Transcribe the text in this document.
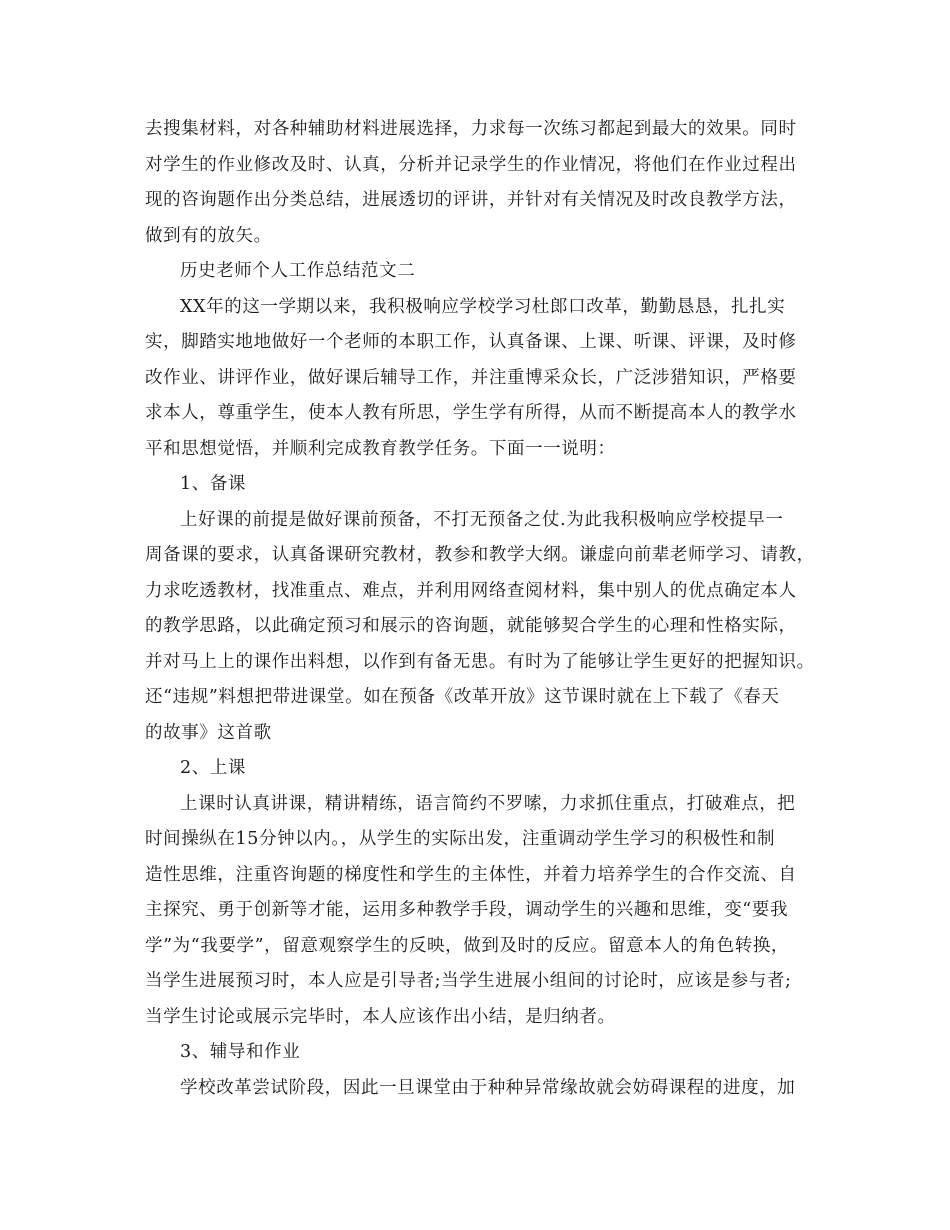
去搜集材料，对各种辅助材料进展选择，力求每一次练习都起到最大的效果。同时
对学生的作业修改及时、认真，分析并记录学生的作业情况，将他们在作业过程出
现的咨询题作出分类总结，进展透切的评讲，并针对有关情况及时改良教学方法，
做到有的放矢。
历史老师个人工作总结范文二
XX年的这一学期以来，我积极响应学校学习杜郎口改革，勤勤恳恳，扎扎实
实，脚踏实地地做好一个老师的本职工作，认真备课、上课、听课、评课，及时修
改作业、讲评作业，做好课后辅导工作，并注重博采众长，广泛涉猎知识，严格要
求本人，尊重学生，使本人教有所思，学生学有所得，从而不断提高本人的教学水
平和思想觉悟，并顺利完成教育教学任务。下面一一说明：
1、备课
上好课的前提是做好课前预备，不打无预备之仗.为此我积极响应学校提早一
周备课的要求，认真备课研究教材，教参和教学大纲。谦虚向前辈老师学习、请教，
力求吃透教材，找准重点、难点，并利用网络查阅材料，集中别人的优点确定本人
的教学思路，以此确定预习和展示的咨询题，就能够契合学生的心理和性格实际，
并对马上上的课作出料想，以作到有备无患。有时为了能够让学生更好的把握知识。
还“违规”料想把带进课堂。如在预备《改革开放》这节课时就在上下载了《春天
的故事》这首歌
2、上课
上课时认真讲课，精讲精练，语言简约不罗嗦，力求抓住重点，打破难点，把
时间操纵在15分钟以内。，从学生的实际出发，注重调动学生学习的积极性和制
造性思维，注重咨询题的梯度性和学生的主体性，并着力培养学生的合作交流、自
主探究、勇于创新等才能，运用多种教学手段，调动学生的兴趣和思维，变“要我
学”为“我要学”，留意观察学生的反映，做到及时的反应。留意本人的角色转换，
当学生进展预习时，本人应是引导者;当学生进展小组间的讨论时，应该是参与者;
当学生讨论或展示完毕时，本人应该作出小结，是归纳者。
3、辅导和作业
学校改革尝试阶段，因此一旦课堂由于种种异常缘故就会妨碍课程的进度，加
